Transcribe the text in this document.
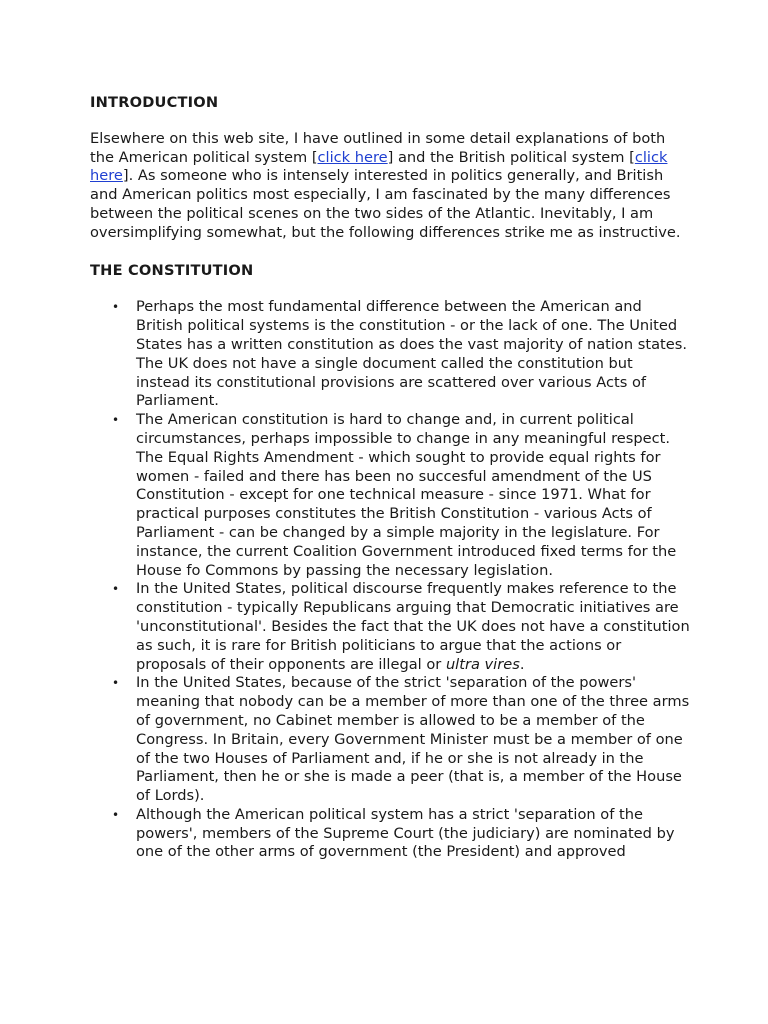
INTRODUCTION

Elsewhere on this web site, I have outlined in some detail explanations of both the American political system [click here] and the British political system [click here]. As someone who is intensely interested in politics generally, and British and American politics most especially, I am fascinated by the many differences between the political scenes on the two sides of the Atlantic. Inevitably, I am oversimplifying somewhat, but the following differences strike me as instructive.

THE CONSTITUTION
• Perhaps the most fundamental difference between the American and British political systems is the constitution - or the lack of one. The United States has a written constitution as does the vast majority of nation states. The UK does not have a single document called the constitution but instead its constitutional provisions are scattered over various Acts of Parliament.
• The American constitution is hard to change and, in current political circumstances, perhaps impossible to change in any meaningful respect. The Equal Rights Amendment - which sought to provide equal rights for women - failed and there has been no succesful amendment of the US Constitution - except for one technical measure - since 1971. What for practical purposes constitutes the British Constitution - various Acts of Parliament - can be changed by a simple majority in the legislature. For instance, the current Coalition Government introduced fixed terms for the House fo Commons by passing the necessary legislation.
• In the United States, political discourse frequently makes reference to the constitution - typically Republicans arguing that Democratic initiatives are 'unconstitutional'. Besides the fact that the UK does not have a constitution as such, it is rare for British politicians to argue that the actions or proposals of their opponents are illegal or ultra vires.
• In the United States, because of the strict 'separation of the powers' meaning that nobody can be a member of more than one of the three arms of government, no Cabinet member is allowed to be a member of the Congress. In Britain, every Government Minister must be a member of one of the two Houses of Parliament and, if he or she is not already in the Parliament, then he or she is made a peer (that is, a member of the House of Lords).
• Although the American political system has a strict 'separation of the powers', members of the Supreme Court (the judiciary) are nominated by one of the other arms of government (the President) and approved
